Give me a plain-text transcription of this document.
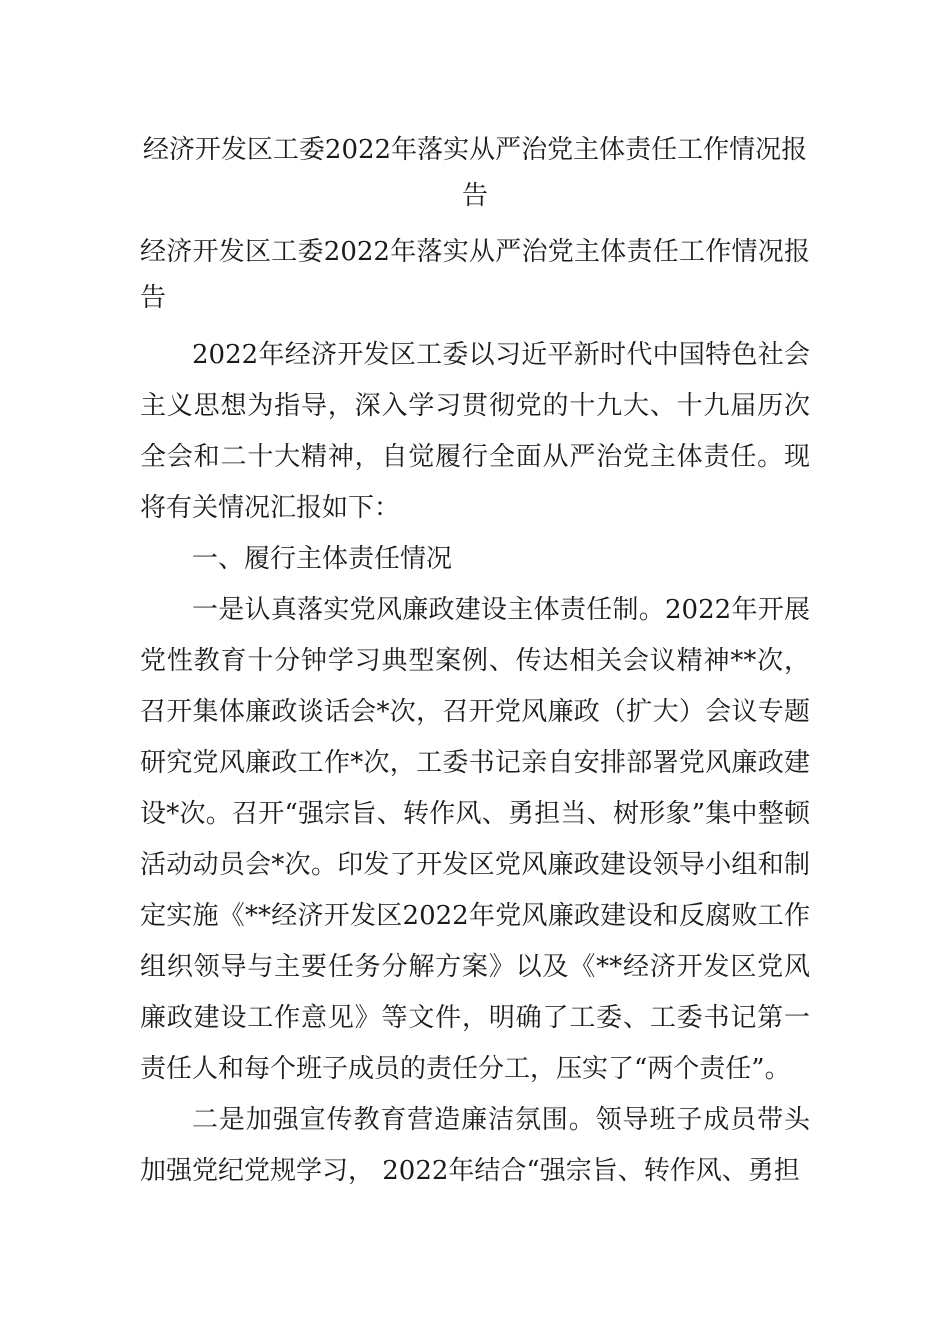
经济开发区工委2022年落实从严治党主体责任工作情况报告
经济开发区工委2022年落实从严治党主体责任工作情况报告

2022年经济开发区工委以习近平新时代中国特色社会主义思想为指导，深入学习贯彻党的十九大、十九届历次全会和二十大精神，自觉履行全面从严治党主体责任。现将有关情况汇报如下：

一、履行主体责任情况

一是认真落实党风廉政建设主体责任制。2022年开展党性教育十分钟学习典型案例、传达相关会议精神**次，召开集体廉政谈话会*次，召开党风廉政（扩大）会议专题研究党风廉政工作*次，工委书记亲自安排部署党风廉政建设*次。召开“强宗旨、转作风、勇担当、树形象”集中整顿活动动员会*次。印发了开发区党风廉政建设领导小组和制定实施《**经济开发区2022年党风廉政建设和反腐败工作组织领导与主要任务分解方案》以及《**经济开发区党风廉政建设工作意见》等文件，明确了工委、工委书记第一责任人和每个班子成员的责任分工，压实了“两个责任”。

二是加强宣传教育营造廉洁氛围。领导班子成员带头加强党纪党规学习， 2022年结合“强宗旨、转作风、勇担
